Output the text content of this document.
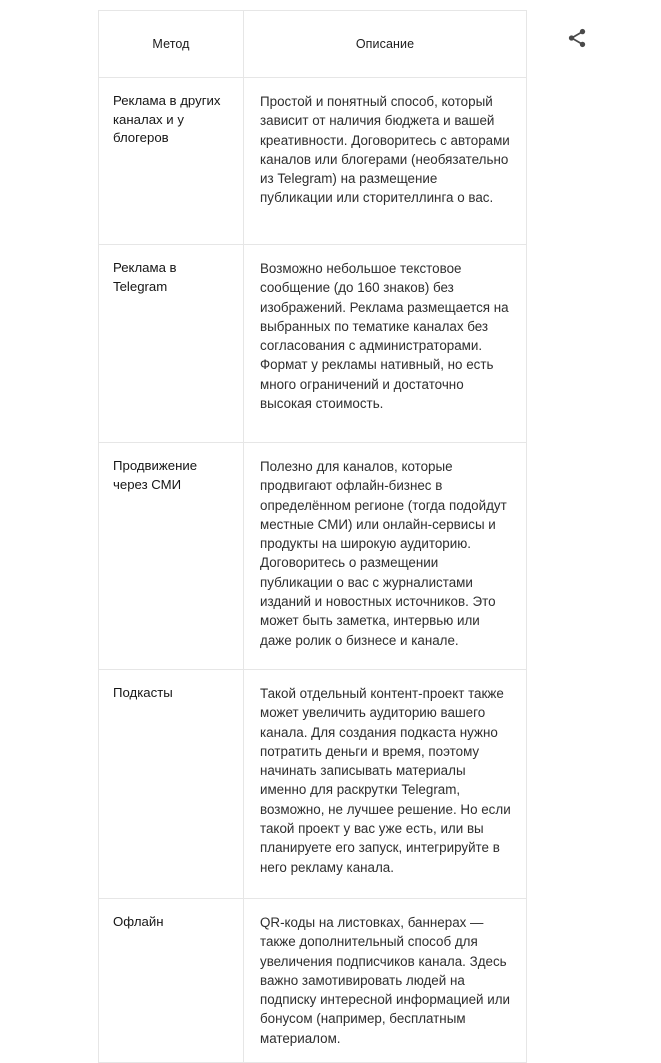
Метод	Описание
Реклама в других каналах и у блогеров	Простой и понятный способ, который зависит от наличия бюджета и вашей креативности. Договоритесь с авторами каналов или блогерами (необязательно из Telegram) на размещение публикации или сторителлинга о вас.
Реклама в Telegram	Возможно небольшое текстовое сообщение (до 160 знаков) без изображений. Реклама размещается на выбранных по тематике каналах без согласования с администраторами. Формат у рекламы нативный, но есть много ограничений и достаточно высокая стоимость.
Продвижение через СМИ	Полезно для каналов, которые продвигают офлайн-бизнес в определённом регионе (тогда подойдут местные СМИ) или онлайн-сервисы и продукты на широкую аудиторию. Договоритесь о размещении публикации о вас с журналистами изданий и новостных источников. Это может быть заметка, интервью или даже ролик о бизнесе и канале.
Подкасты	Такой отдельный контент-проект также может увеличить аудиторию вашего канала. Для создания подкаста нужно потратить деньги и время, поэтому начинать записывать материалы именно для раскрутки Telegram, возможно, не лучшее решение. Но если такой проект у вас уже есть, или вы планируете его запуск, интегрируйте в него рекламу канала.
Офлайн	QR-коды на листовках, баннерах — также дополнительный способ для увеличения подписчиков канала. Здесь важно замотивировать людей на подписку интересной информацией или бонусом (например, бесплатным материалом.
